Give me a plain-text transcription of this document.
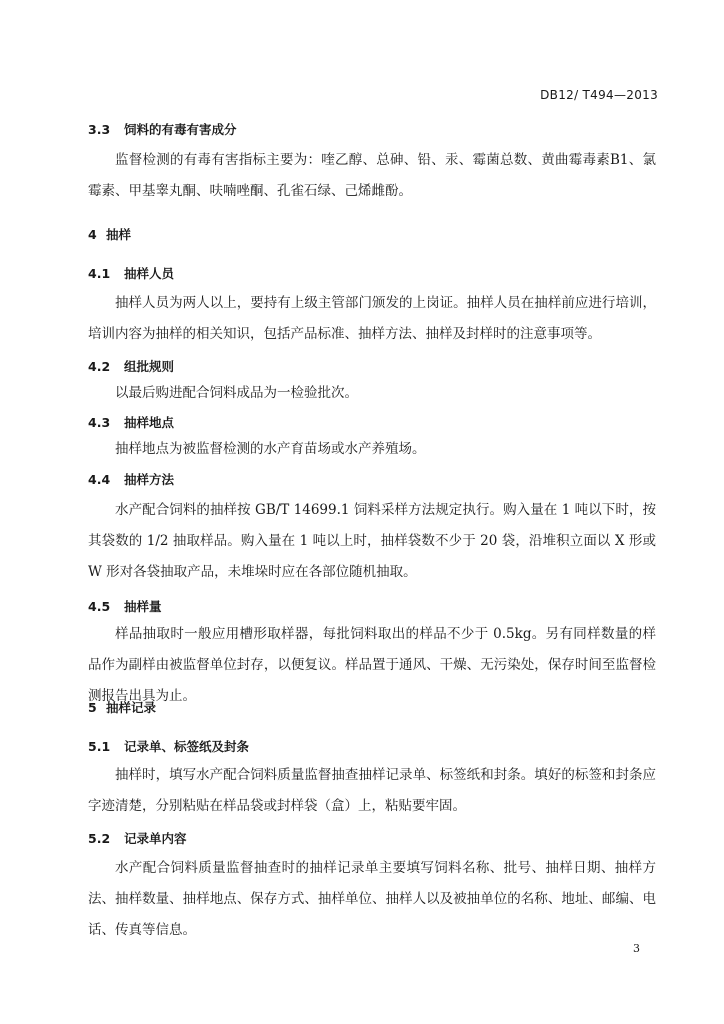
DB12/ T494—2013
3.3 饲料的有毒有害成分
监督检测的有毒有害指标主要为：喹乙醇、总砷、铅、汞、霉菌总数、黄曲霉毒素B1、氯霉素、甲基睾丸酮、呋喃唑酮、孔雀石绿、己烯雌酚。
4 抽样
4.1 抽样人员
抽样人员为两人以上，要持有上级主管部门颁发的上岗证。抽样人员在抽样前应进行培训，培训内容为抽样的相关知识，包括产品标准、抽样方法、抽样及封样时的注意事项等。
4.2 组批规则
以最后购进配合饲料成品为一检验批次。
4.3 抽样地点
抽样地点为被监督检测的水产育苗场或水产养殖场。
4.4 抽样方法
水产配合饲料的抽样按 GB/T 14699.1 饲料采样方法规定执行。购入量在 1 吨以下时，按其袋数的 1/2 抽取样品。购入量在 1 吨以上时，抽样袋数不少于 20 袋，沿堆积立面以 X 形或 W 形对各袋抽取产品，未堆垛时应在各部位随机抽取。
4.5 抽样量
样品抽取时一般应用槽形取样器，每批饲料取出的样品不少于 0.5kg。另有同样数量的样品作为副样由被监督单位封存，以便复议。样品置于通风、干燥、无污染处，保存时间至监督检测报告出具为止。
5 抽样记录
5.1 记录单、标签纸及封条
抽样时，填写水产配合饲料质量监督抽查抽样记录单、标签纸和封条。填好的标签和封条应字迹清楚，分别粘贴在样品袋或封样袋（盒）上，粘贴要牢固。
5.2 记录单内容
水产配合饲料质量监督抽查时的抽样记录单主要填写饲料名称、批号、抽样日期、抽样方法、抽样数量、抽样地点、保存方式、抽样单位、抽样人以及被抽单位的名称、地址、邮编、电话、传真等信息。
3
